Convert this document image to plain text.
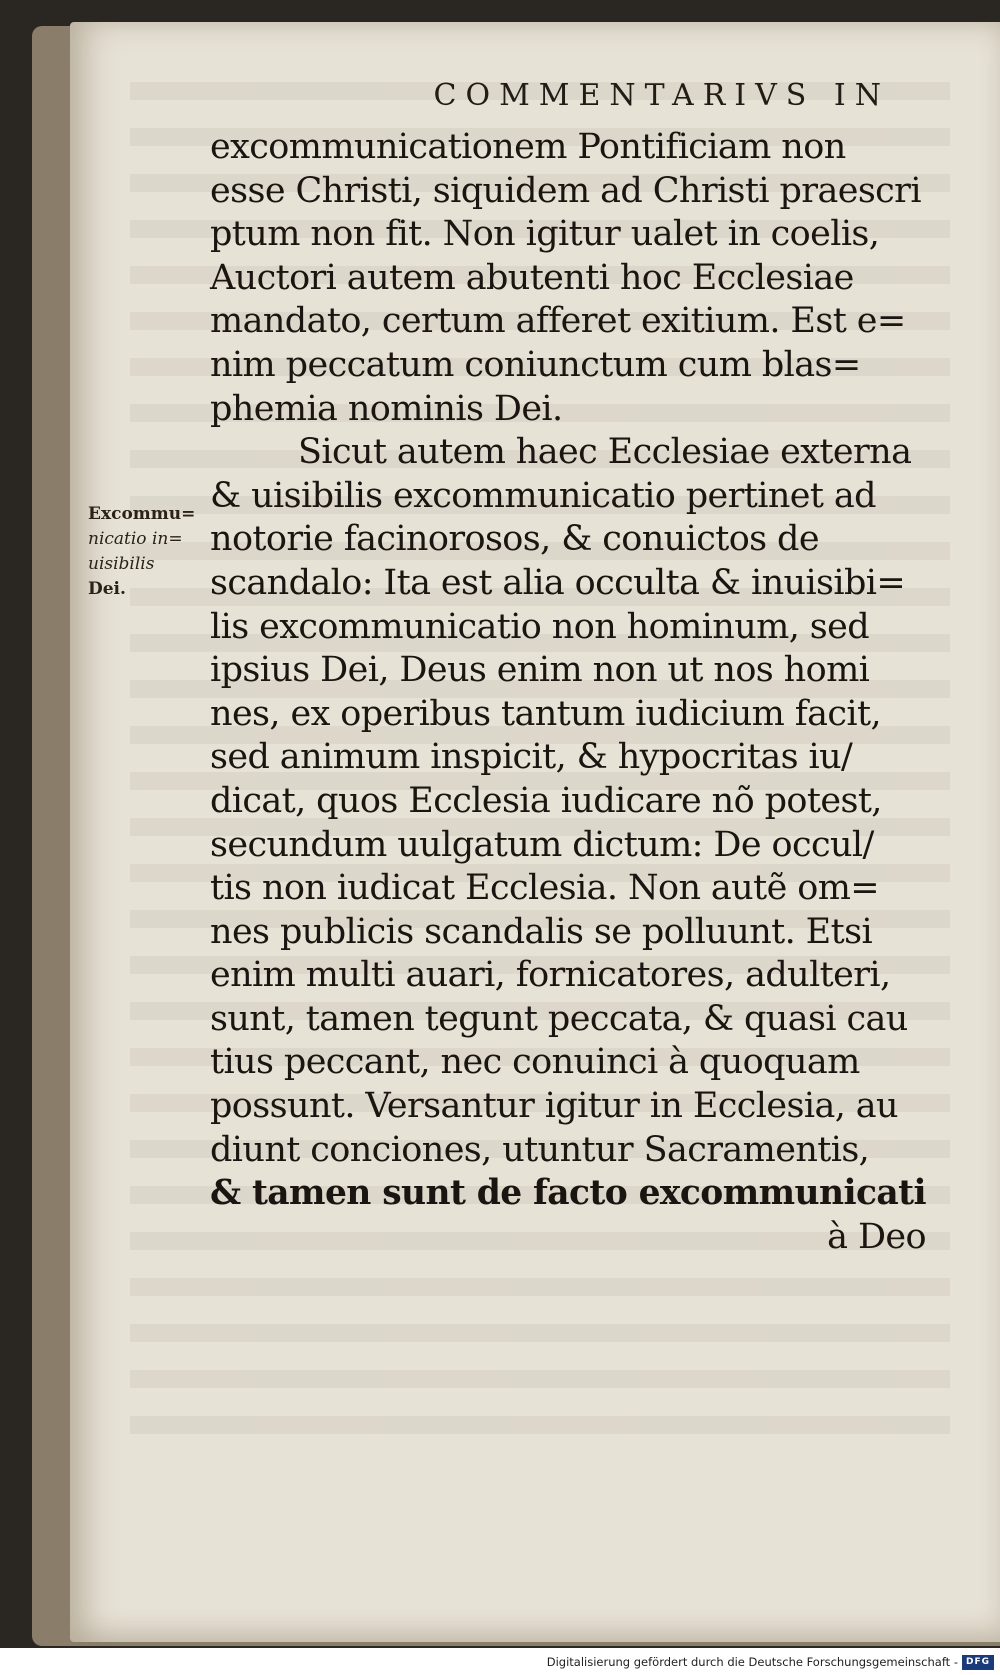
COMMENTARIVS IN
Excommu=
nicatio in=
uisibilis
Dei.
excommunicationem Pontificiam non
esse Christi, siquidem ad Christi praescri
ptum non fit. Non igitur ualet in coelis,
Auctori autem abutenti hoc Ecclesiae
mandato, certum afferet exitium. Est e=
nim peccatum coniunctum cum blas=
phemia nominis Dei.
Sicut autem haec Ecclesiae externa
& uisibilis excommunicatio pertinet ad
notorie facinorosos, & conuictos de
scandalo: Ita est alia occulta & inuisibi=
lis excommunicatio non hominum, sed
ipsius Dei, Deus enim non ut nos homi
nes, ex operibus tantum iudicium facit,
sed animum inspicit, & hypocritas iu/
dicat, quos Ecclesia iudicare nõ potest,
secundum uulgatum dictum: De occul/
tis non iudicat Ecclesia. Non autẽ om=
nes publicis scandalis se polluunt. Etsi
enim multi auari, fornicatores, adulteri,
sunt, tamen tegunt peccata, & quasi cau
tius peccant, nec conuinci à quoquam
possunt. Versantur igitur in Ecclesia, au
diunt conciones, utuntur Sacramentis,
& tamen sunt de facto excommunicati
à Deo
Digitalisierung gefördert durch die Deutsche Forschungsgemeinschaft - DFG
